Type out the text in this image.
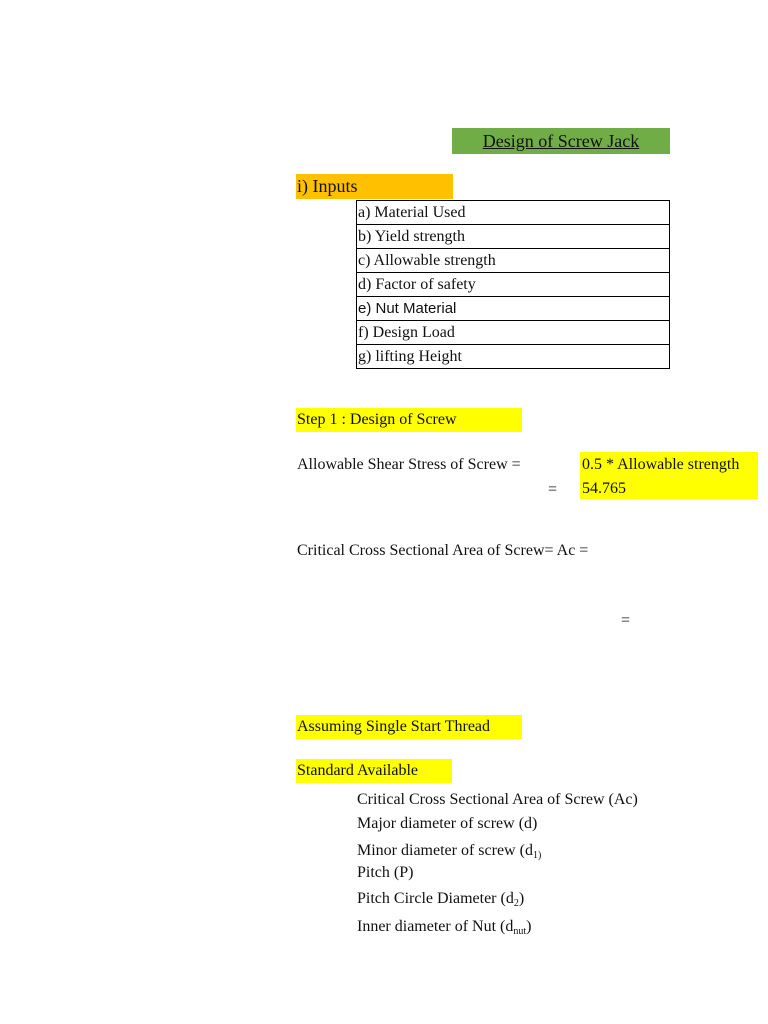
Design of Screw Jack
i) Inputs
a) Material Used
b) Yield strength
c) Allowable strength
d) Factor of safety
e) Nut Material
f) Design Load
g) lifting Height
Step 1 : Design of Screw
Allowable Shear Stress of Screw =	0.5 * Allowable strength
54.765
=
Critical Cross Sectional Area of Screw= Ac =
=
Assuming Single Start Thread
Standard Available
Critical Cross Sectional Area of Screw (Ac)
Major diameter of screw (d)
Minor diameter of screw ($d_{1)}$
Pitch (P)
Pitch Circle Diameter $(d_2)$
Inner diameter of Nut $(d_{nut})$
